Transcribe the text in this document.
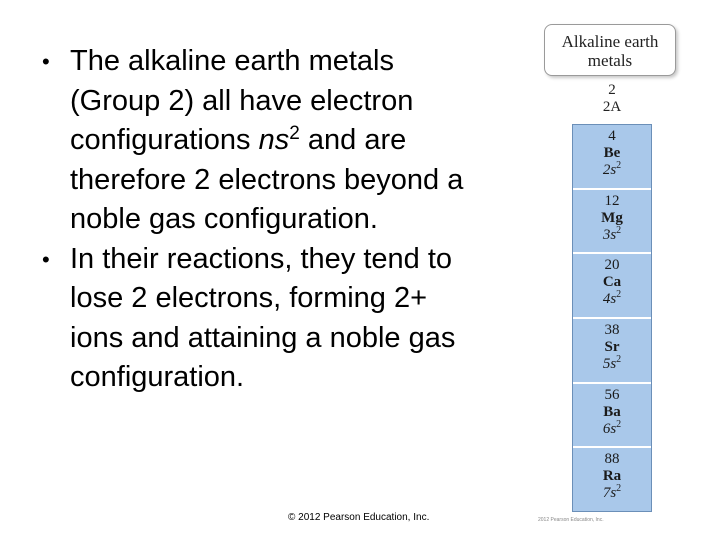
• The alkaline earth metals (Group 2) all have electron configurations $ns^2$ and are therefore 2 electrons beyond a noble gas configuration.
• In their reactions, they tend to lose 2 electrons, forming 2+ ions and attaining a noble gas configuration.
© 2012 Pearson Education, Inc.
Alkaline earth
metals
2
2A
4
Be
$2s^2$
12
Mg
$3s^2$
20
Ca
$4s^2$
38
Sr
$5s^2$
56
Ba
$6s^2$
88
Ra
$7s^2$
2012 Pearson Education, Inc.
